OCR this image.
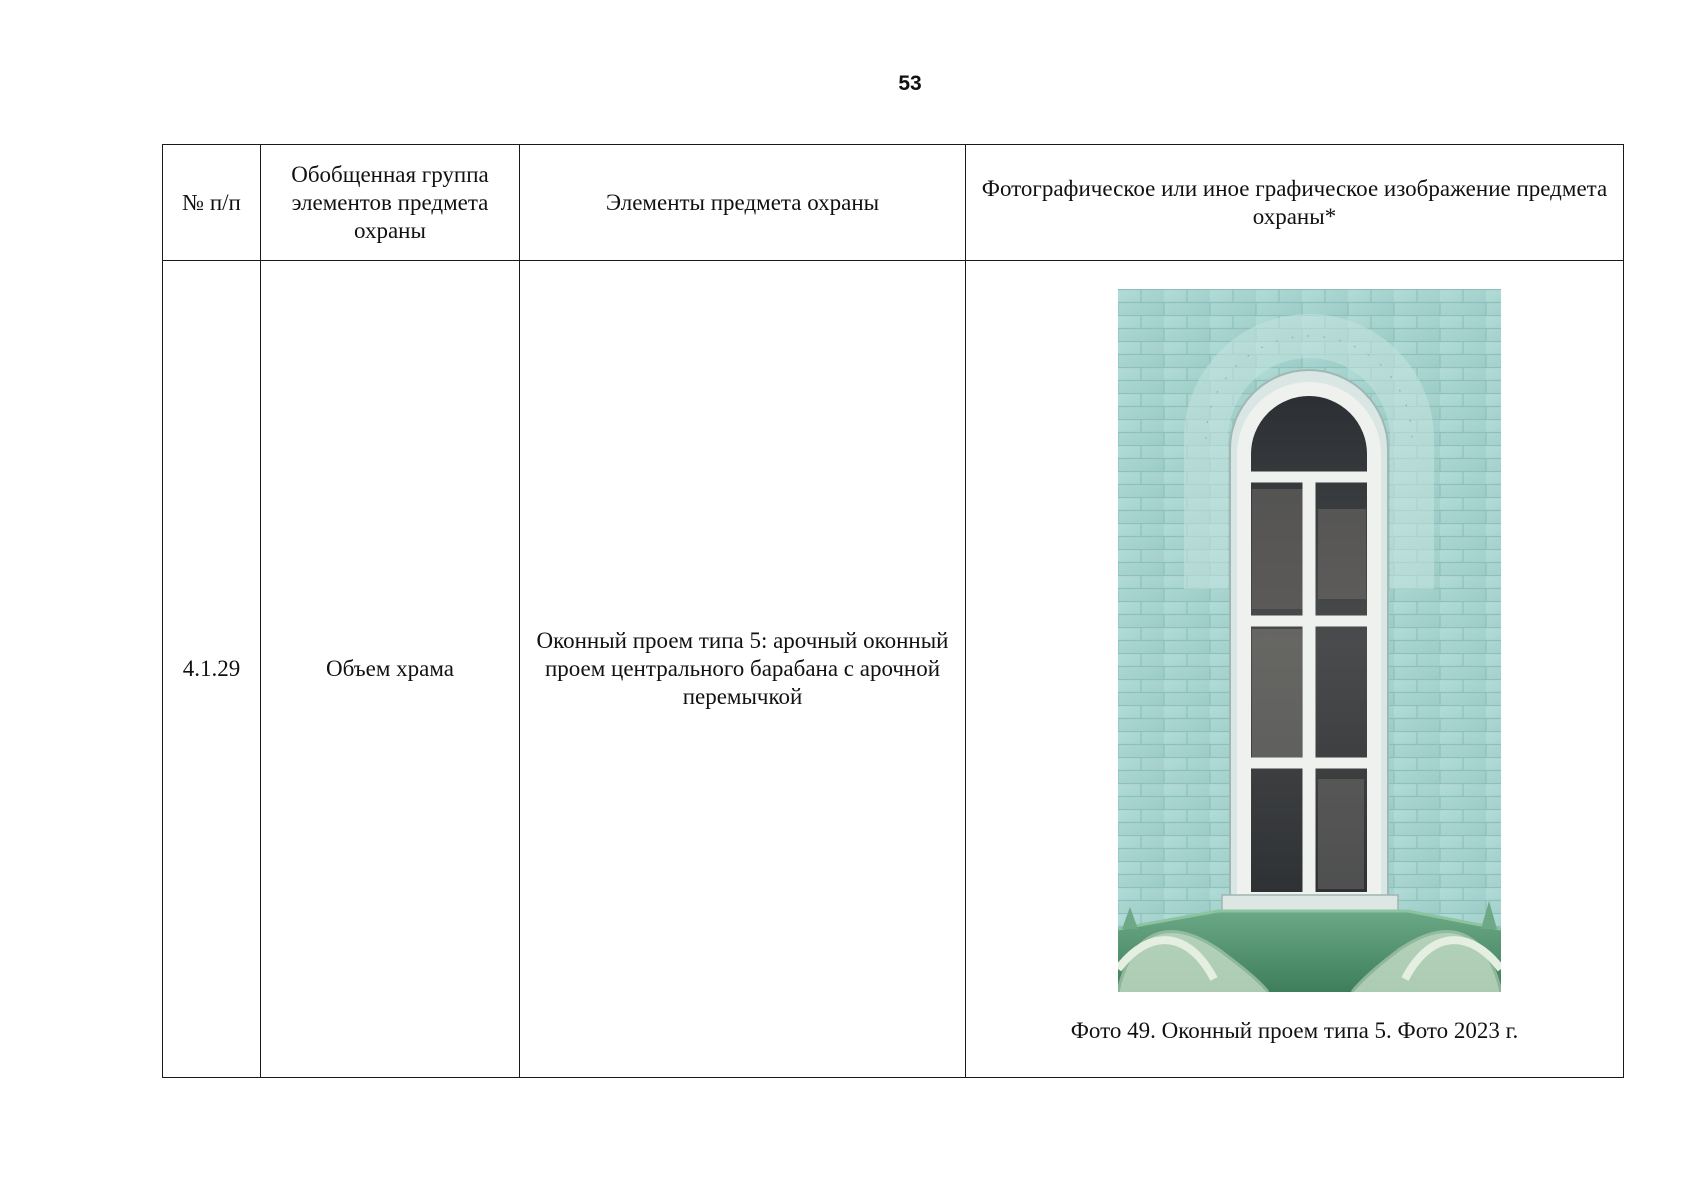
53
№ п/п	Обобщенная группа элементов предмета охраны	Элементы предмета охраны	Фотографическое или иное графическое изображение предмета охраны*
4.1.29	Объем храма	Оконный проем типа 5: арочный оконный проем центрального барабана с арочной перемычкой	Фото 49. Оконный проем типа 5. Фото 2023 г.
